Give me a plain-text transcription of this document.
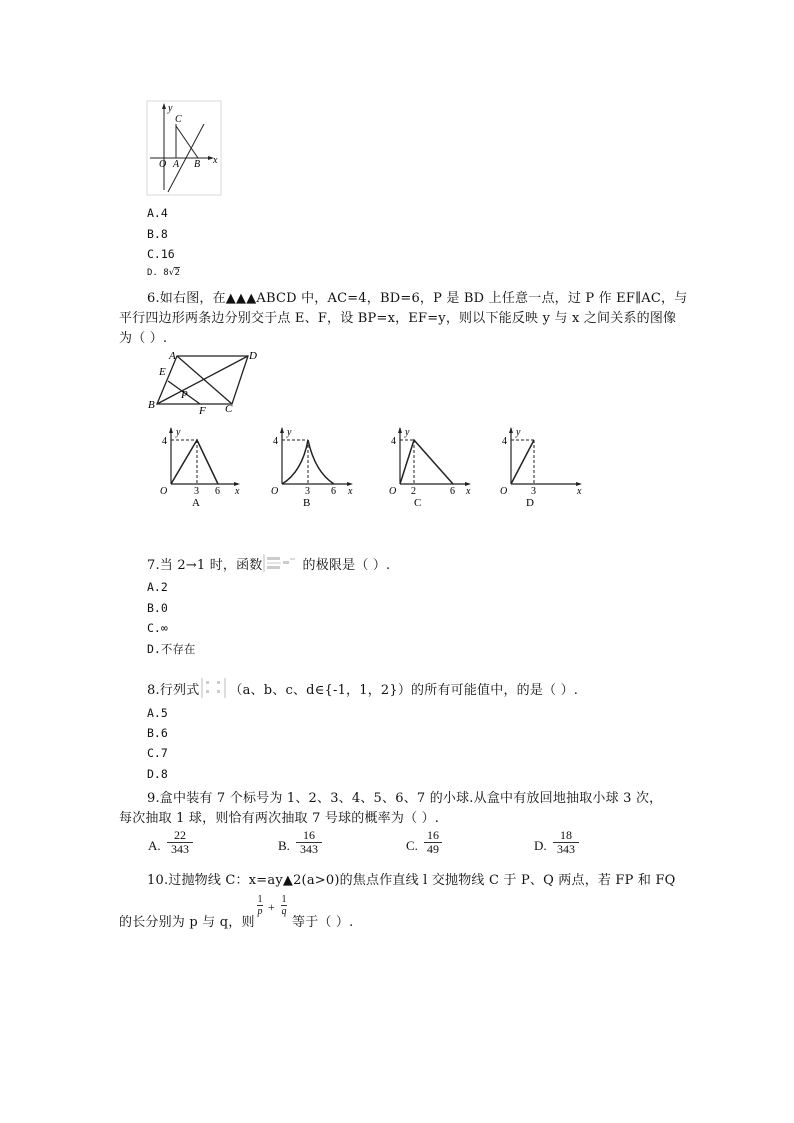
y
C
O A B x
A.4
B.8
C.16
D. 8√2
6.如右图，在▲▲▲ABCD 中，AC=4，BD=6，P 是 BD 上任意一点，过 P 作 EF∥AC，与
平行四边形两条边分别交于点 E、F，设 BP=x，EF=y，则以下能反映 y 与 x 之间关系的图像
为（ ）.
A	D
E
P
B	F C
y
4
O	3 6 x
A
y
4
O	3 6 x
B
y
4
O 2	6 x
C
y
4
O 3	x
D
7.当 2→1 时，函数	的极限是（ ）.
A.2
B.0
C.∞
D.不存在
8.行列式 （a、b、c、d∈{-1，1，2}）的所有可能值中，的是（ ）.
A.5
B.6
C.7
D.8
9.盒中装有 7 个标号为 1、2、3、4、5、6、7 的小球.从盒中有放回地抽取小球 3 次，
每次抽取 1 球，则恰有两次抽取 7 号球的概率为（ ）.
A.
22
343	B.
16
343	C.
16
49	D.
18
343
10.过抛物线 C：x=ay▲2(a>0)的焦点作直线 l 交抛物线 C 于 P、Q 两点，若 FP 和 FQ
的长分别为 p 与 q，则
1
p +
1
q
等于（ ）.
